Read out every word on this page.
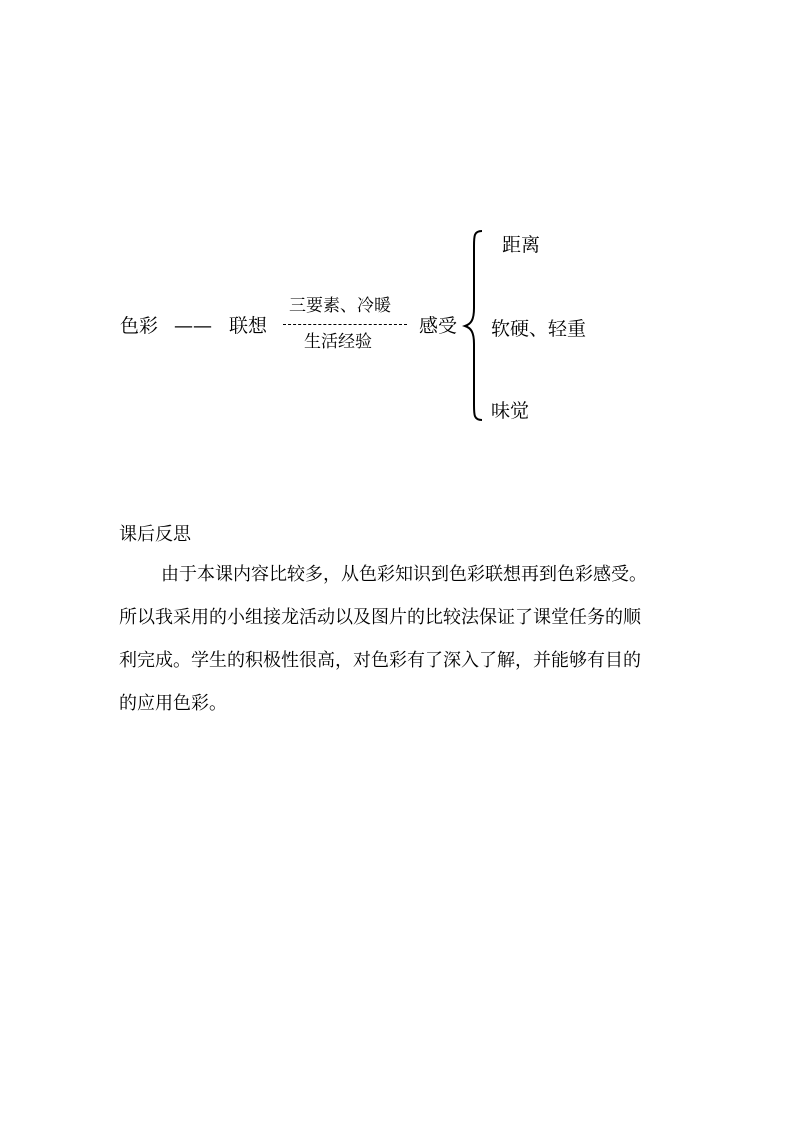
色彩 —— 联想
三要素、冷暖
生活经验
感受
距离
软硬、轻重
味觉
课后反思

由于本课内容比较多，从色彩知识到色彩联想再到色彩感受。

所以我采用的小组接龙活动以及图片的比较法保证了课堂任务的顺

利完成。学生的积极性很高，对色彩有了深入了解，并能够有目的

的应用色彩。
